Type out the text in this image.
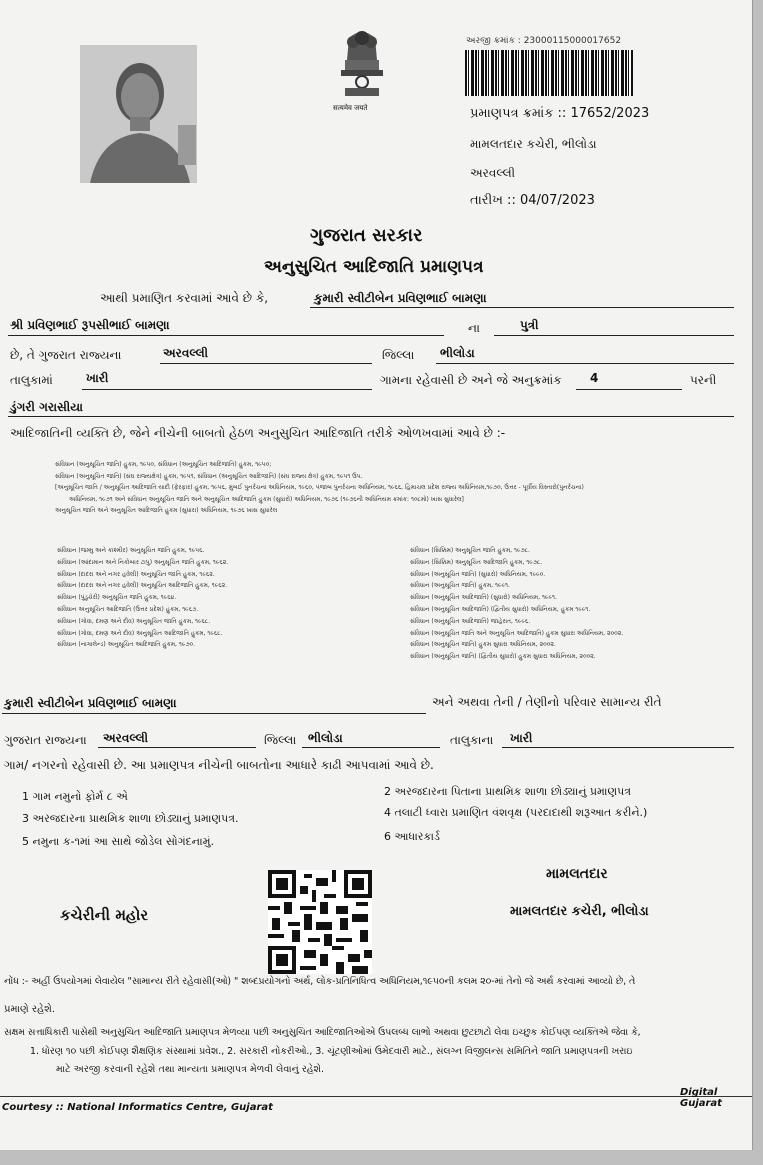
सत्यमेव जयते
અરજી ક્રમાંક : 23000115000017652
પ્રમાણપત્ર ક્રમાંક :: 17652/2023
મામલતદાર કચેરી, ભીલોડા
અરવલ્લી
તારીખ :: 04/07/2023
ગુજરાત સરકાર
અનુસુચિત આદિજાતિ પ્રમાણપત્ર
આથી પ્રમાણિત કરવામાં આવે છે કે,	કુમારી સ્વીટીબેન પ્રવિણભાઈ બામણા
શ્રી પ્રવિણભાઈ રૂપસીભાઈ બામણા	ના	પુત્રી
છે, તે ગુજરાત રાજ્યના	અરવલ્લી	જિલ્લા ભીલોડા
તાલુકામાં	ખારી	ગામના રહેવાસી છે અને જે અનુક્રમાંક 4	પરની
ડુંગરી ગરાસીયા
આદિજાતિની વ્યક્તિ છે, જેને નીચેની બાબતો હેઠળ અનુસુચિત આદિજાતિ તરીકે ઓળખવામાં આવે છે :-
સંવિધાન (અનુસૂચિત જાતિ) હુકમ, ૧૯૫૦, સંવિધાન (અનુસૂચિત આદિજાતિ) હુકમ, ૧૯૫૦;
સંવિધાન (અનુસૂચિત જાતિ) (સંઘ રાજ્યક્ષેત્ર) હુકમ, ૧૯૫૧, સંવિધાન (અનુસૂચિત આદિજાતિ) (સંઘ રાજ્ય ક્ષેત્ર) હુકમ, ૧૯૫૧ ઉપ.
[અનુસૂચિત જાતિ / અનુસૂચિત આદિજાતિ યાદી (ફેરફાર) હુકમ, ૧૯૫૬, મુંબઈ પુનર્રચના અધિનિયમ, ૧૯૬૦, પંજાબ પુનર્રચના અધિનિયમ, ૧૯૬૬, હિમાચલ પ્રદેશ રાજ્ય અધિનિયમ,૧૯૭૦, ઉત્તર - પૂર્વીય વિસ્તારો(પુનર્રચના)
અધિનિયમ, ૧૯૭૧ અને સંવિધાન અનુસૂચિત જાતિ અને અનુસૂચિત આદિજાતિ હુકમ (સુધારો) અધિનિયમ, ૧૯૭૬ (૧૯૭૬ની અધિનિયમ ક્રમાંક: ૧૦૮મો) ખાસ સુધારેલ]
અનુસૂચિત જાતિ અને અનુસૂચિત આદિજાતિ હુકમ (સુધારા) અધિનિયમ, ૧૯૭૬ ખાસ સુધારેલ
સંવિધાન (જમ્મુ અને કાશ્મીર) અનુસૂચિત જાતિ હુકમ, ૧૯૫૬.
સંવિધાન (આંદામાન અને નિકોબાર ટાપુ) અનુસૂચિત જાતિ હુકમ, ૧૯૬૨.
સંવિધાન (દાદરા અને નગર હવેલી) અનુસૂચિત જાતિ હુકમ, ૧૯૬૨.
સંવિધાન (દાદરા અને નગર હવેલી) અનુસૂચિત આદિજાતિ હુકમ, ૧૯૬૨.
સંવિધાન (પુંડુચેરી) અનુસૂચિત જાતિ હુકમ, ૧૯૬૪.
સંવિધાન અનુસૂચિત આદિજાતિ (ઉત્તર પ્રદેશ) હુકમ, ૧૯૬૭.
સંવિધાન (ગોવા, દમણ અને દીવ) અનુસૂચિત જાતિ હુકમ, ૧૯૬૮.
સંવિધાન (ગોવા, દમણ અને દીવ) અનુસૂચિત આદિજાતિ હુકમ, ૧૯૬૮.
સંવિધાન (નાગાલેન્ડ) અનુસૂચિત આદિજાતિ હુકમ, ૧૯૭૦.
સંવિધાન (સિક્કિમ) અનુસૂચિત જાતિ હુકમ, ૧૯૭૮.
સંવિધાન (સિક્કિમ) અનુસૂચિત આદિજાતિ હુકમ, ૧૯૭૮.
સંવિધાન (અનુસૂચિત જાતિ) (સુધારો) અધિનિયમ, ૧૯૯૦.
સંવિધાન (અનુસૂચિત જાતિ) હુકમ, ૧૯૯૧.
સંવિધાન (અનુસૂચિત આદિજાતિ) (સુધારો) અધિનિયમ, ૧૯૯૧.
સંવિધાન (અનુસૂચિત આદિજાતિ) (દ્વિતીય સુધારો) અધિનિયમ, હુકમ ૧૯૯૧.
સંવિધાન (અનુસૂચિત આદિજાતિ) જાહેરાત, ૧૯૯૬.
સંવિધાન (અનુસૂચિત જાતિ અને અનુસૂચિત આદિજાતિ) હુકમ સુધારા અધિનિયમ, ૨૦૦૨.
સંવિધાન (અનુસૂચિત જાતિ) હુકમ સુધારા અધિનિયમ, ૨૦૦૨.
સંવિધાન (અનુસૂચિત જાતિ) (દ્વિતીય સુધારો) હુકમ સુધારા અધિનિયમ, ૨૦૦૨.
કુમારી સ્વીટીબેન પ્રવિણભાઈ બામણા	અને અથવા તેની / તેણીનો પરિવાર સામાન્ય રીતે
ગુજરાત રાજ્યના અરવલ્લી	જિલ્લા ભીલોડા	તાલુકાના ખારી
ગામ/ નગરનો રહેવાસી છે. આ પ્રમાણપત્ર નીચેની બાબતોના આધારે કાઢી આપવામાં આવે છે.
1 ગામ નમુનો ફોર્મ ૮ એ	2 અરજદારના પિતાના પ્રાથમિક શાળા છોડ્યાનું પ્રમાણપત્ર
3 અરજદારના પ્રાથમિક શાળા છોડ્યાનું પ્રમાણપત્ર.	4 તલાટી ધ્વારા પ્રમાણિત વંશવૃક્ષ (પરદાદાથી શરૂઆત કરીને.)
5 નમુના ક-૧માં આ સાથે જોડેલ સોગંદનામું.	6 આધારકાર્ડ
કચેરીની મહોર
મામલતદાર
મામલતદાર કચેરી, ભીલોડા
નોંધ :- અહીં ઉપયોગમાં લેવાયેલ "સામાન્ય રીતે રહેવાસી(ઓ) " શબ્દપ્રયોગનો અર્થ, લોક-પ્રતિનિધિત્વ અધિનિયમ,૧૯૫૦ની કલમ ૨૦-માં તેનો જે અર્થ કરવામાં આવ્યો છે, તે
પ્રમાણે રહેશે.
સક્ષમ સત્તાધિકારી પાસેથી અનુસુચિત આદિજાતિ પ્રમાણપત્ર મેળવ્યા પછી અનુસુચિત આદિજાતિઓએ ઉપલબ્ધ લાભો અથવા છુટછાટો લેવા ઇચ્છુક કોઈપણ વ્યક્તિએ જેવા કે,
1. ધોરણ ૧૦ પછી કોઈપણ શૈક્ષણિક સંસ્થામાં પ્રવેશ., 2. સરકારી નોકરીઓ., 3. ચૂંટણીઓમાં ઉમેદવારી માટે., સંલગ્ન વિજીલન્સ સમિતિને જાતિ પ્રમાણપત્રની ખરાઇ
માટે અરજી કરવાની રહેશે તથા માન્યતા પ્રમાણપત્ર મેળવી લેવાનું રહેશે.
Courtesy :: National Informatics Centre, Gujarat
Digital Gujarat
